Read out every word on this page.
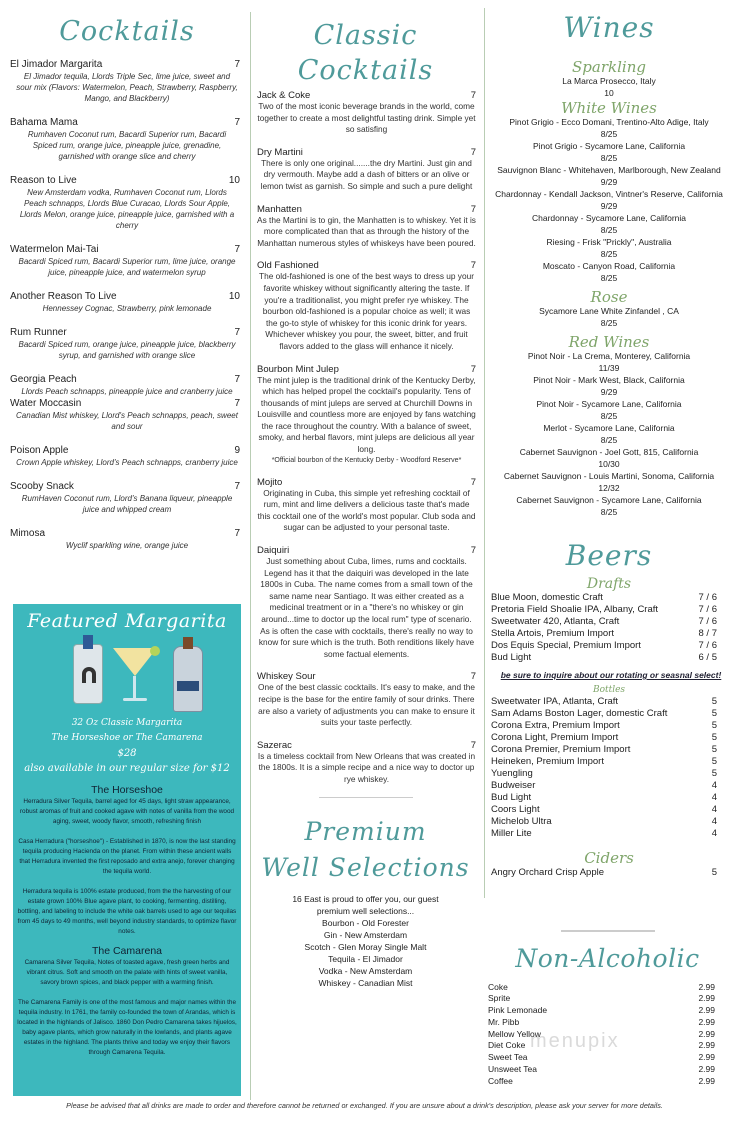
Cocktails
El Jimador Margarita	7
El Jimador tequila, Llords Triple Sec, lime juice, sweet and sour mix (Flavors: Watermelon, Peach, Strawberry, Raspberry, Mango, and Blackberry)
Bahama Mama	7
Rumhaven Coconut rum, Bacardi Superior rum, Bacardi Spiced rum, orange juice, pineapple juice, grenadine, garnished with orange slice and cherry
Reason to Live	10
New Amsterdam vodka, Rumhaven Coconut rum, Llords Peach schnapps, Llords Blue Curacao, Llords Sour Apple, Llords Melon, orange juice, pineapple juice, garnished with a cherry
Watermelon Mai-Tai	7
Bacardi Spiced rum, Bacardi Superior rum, lime juice, orange juice, pineapple juice, and watermelon syrup
Another Reason To Live	10
Hennessey Cognac, Strawberry, pink lemonade
Rum Runner	7
Bacardi Spiced rum, orange juice, pineapple juice, blackberry syrup, and garnished with orange slice
Georgia Peach	7
Llords Peach schnapps, pineapple juice and cranberry juice
Water Moccasin	7
Canadian Mist whiskey, Llord's Peach schnapps, peach, sweet and sour
Poison Apple	9
Crown Apple whiskey, Llord's Peach schnapps, cranberry juice
Scooby Snack	7
RumHaven Coconut rum, Llord's Banana liqueur, pineapple juice and whipped cream
Mimosa	7
Wyclif sparkling wine, orange juice
Featured Margarita
32 Oz Classic Margarita
The Horseshoe or The Camarena
$28
also available in our regular size for $12
The Horseshoe
Herradura Silver Tequila, barrel aged for 45 days, light straw appearance, robust aromas of fruit and cooked agave with notes of vanilla from the wood aging, sweet, woody flavor, smooth, refreshing finish
Casa Herradura ("horseshoe") - Established in 1870, is now the last standing tequila producing Hacienda on the planet. From within these ancient walls that Herradura invented the first reposado and extra anejo, forever changing the tequila world.
Herradura tequila is 100% estate produced, from the the harvesting of our estate grown 100% Blue agave plant, to cooking, fermenting, distilling, bottling, and labeling to include the white oak barrels used to age our tequilas from 45 days to 49 months, well beyond industry standards, to optimize flavor notes.
The Camarena
Camarena Silver Tequila, Notes of toasted agave, fresh green herbs and vibrant citrus. Soft and smooth on the palate with hints of sweet vanilla, savory brown spices, and black pepper with a warming finish.
The Camarena Family is one of the most famous and major names within the tequila industry. In 1761, the family co-founded the town of Arandas, which is located in the highlands of Jalisco. 1860 Don Pedro Camarena takes hijuelos, baby agave plants, which grow naturally in the lowlands, and plants agave estates in the highland. The plants thrive and today we enjoy their flavors through Camarena Tequila.
Classic
Cocktails
Jack & Coke	7
Two of the most iconic beverage brands in the world, come together to create a most delightful tasting drink. Simple yet so satisfing
Dry Martini	7
There is only one original.......the dry Martini. Just gin and dry vermouth. Maybe add a dash of bitters or an olive or lemon twist as garnish. So simple and such a pure delight
Manhatten	7
As the Martini is to gin, the Manhatten is to whiskey. Yet it is more complicated than that as through the history of the Manhattan numerous styles of whiskeys have been poured.
Old Fashioned	7
The old-fashioned is one of the best ways to dress up your favorite whiskey without significantly altering the taste. If you're a traditionalist, you might prefer rye whiskey. The bourbon old-fashioned is a popular choice as well; it was the go-to style of whiskey for this iconic drink for years. Whichever whiskey you pour, the sweet, bitter, and fruit flavors added to the glass will enhance it nicely.
Bourbon Mint Julep	7
The mint julep is the traditional drink of the Kentucky Derby, which has helped propel the cocktail's popularity. Tens of thousands of mint juleps are served at Churchill Downs in Louisville and countless more are enjoyed by fans watching the race throughout the country. With a balance of sweet, smoky, and herbal flavors, mint juleps are delicious all year long.
*Official bourbon of the Kentucky Derby - Woodford Reserve*
Mojito	7
Originating in Cuba, this simple yet refreshing cocktail of rum, mint and lime delivers a delicious taste that's made this cocktail one of the world's most popular. Club soda and sugar can be adjusted to your personal taste.
Daiquiri	7
Just something about Cuba, limes, rums and cocktails. Legend has it that the daiquiri was developed in the late 1800s in Cuba. The name comes from a small town of the same name near Santiago. It was either created as a medicinal treatment or in a "there's no whiskey or gin around...time to doctor up the local rum" type of scenario. As is often the case with cocktails, there's really no way to know for sure which is the truth. Both renditions likely have some factual elements.
Whiskey Sour	7
One of the best classic cocktails. It's easy to make, and the recipe is the base for the entire family of sour drinks. There are also a variety of adjustments you can make to ensure it suits your taste perfectly.
Sazerac	7
Is a timeless cocktail from New Orleans that was created in the 1800s. It is a simple recipe and a nice way to doctor up rye whiskey.
Premium
Well Selections
16 East is proud to offer you, our guest
premium well selections...
Bourbon - Old Forester
Gin - New Amsterdam
Scotch - Glen Moray Single Malt
Tequila - El Jimador
Vodka - New Amsterdam
Whiskey - Canadian Mist
Wines
Sparkling
La Marca Prosecco, Italy
10
White Wines
Pinot Grigio - Ecco Domani, Trentino-Alto Adige, Italy
8/25
Pinot Grigio - Sycamore Lane, California
8/25
Sauvignon Blanc - Whitehaven, Marlborough, New Zealand
9/29
Chardonnay - Kendall Jackson, Vintner's Reserve, California
9/29
Chardonnay - Sycamore Lane, California
8/25
Riesing - Frisk "Prickly", Australia
8/25
Moscato - Canyon Road, California
8/25
Rose
Sycamore Lane White Zinfandel , CA
8/25
Red Wines
Pinot Noir - La Crema, Monterey, California
11/39
Pinot Noir - Mark West, Black, California
9/29
Pinot Noir - Sycamore Lane, California
8/25
Merlot - Sycamore Lane, California
8/25
Cabernet Sauvignon - Joel Gott, 815, California
10/30
Cabernet Sauvignon - Louis Martini, Sonoma, California
12/32
Cabernet Sauvignon - Sycamore Lane, California
8/25
Beers
Drafts
Blue Moon, domestic Craft	7 / 6
Pretoria Field Shoalie IPA, Albany, Craft	7 / 6
Sweetwater 420, Atlanta, Craft	7 / 6
Stella Artois, Premium Import	8 / 7
Dos Equis Special, Premium Import	7 / 6
Bud Light	6 / 5
be sure to inquire about our rotating or seasnal select!
Bottles
Sweetwater IPA, Atlanta, Craft	5
Sam Adams Boston Lager, domestic Craft	5
Corona Extra, Premium Import	5
Corona Light, Premium Import	5
Corona Premier, Premium Import	5
Heineken, Premium Import	5
Yuengling	5
Budweiser	4
Bud Light	4
Coors Light	4
Michelob Ultra	4
Miller Lite	4
Ciders
Angry Orchard Crisp Apple	5
Non-Alcoholic
Coke	2.99
Sprite	2.99
Pink Lemonade	2.99
Mr. Pibb	2.99
Mellow Yellow	2.99
Diet Coke	2.99
Sweet Tea	2.99
Unsweet Tea	2.99
Coffee	2.99
menupix
Please be advised that all drinks are made to order and therefore cannot be returned or exchanged. If you are unsure about a drink's description, please ask your server for more details.
